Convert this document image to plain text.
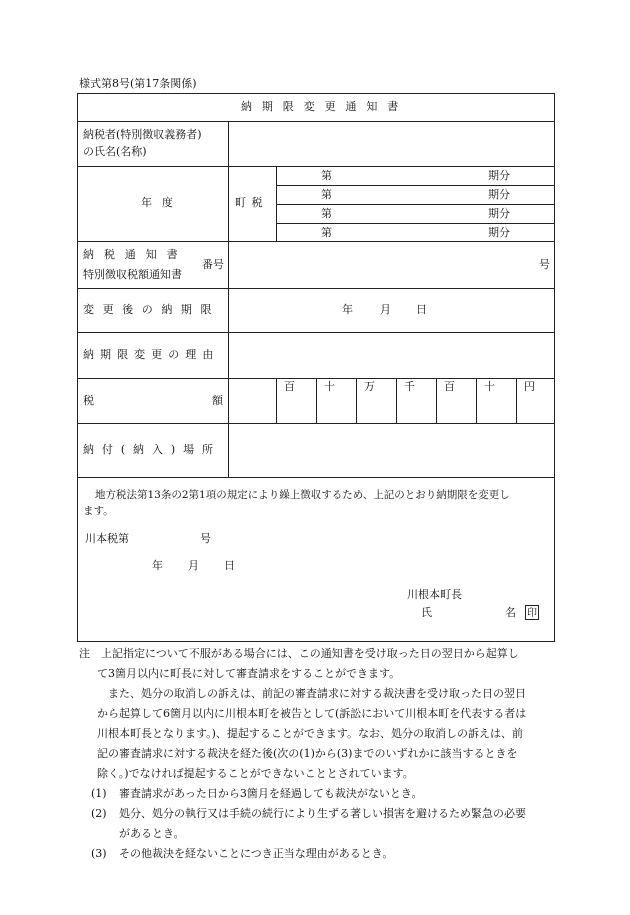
様式第8号(第17条関係)
納期限変更通知書
納税者(特別徴収義務者)
の氏名(名称)
年度	町税
第	期分
第	期分
第	期分
第	期分
納税通知書
特別徴収税額通知書
番号	号
変更後の納期限	年 月 日
納期限変更の理由
税	額
百	十	万	千	百	十	円
納付(納入)場所
地方税法第13条の2第1項の規定により繰上徴収するため、上記のとおり納期限を変更し
ます。
川本税第	号
年 月 日
川根本町長
氏	名 印

注　上記指定について不服がある場合には、この通知書を受け取った日の翌日から起算し

て3箇月以内に町長に対して審査請求をすることができます。

また、処分の取消しの訴えは、前記の審査請求に対する裁決書を受け取った日の翌日

から起算して6箇月以内に川根本町を被告として(訴訟において川根本町を代表する者は

川根本町長となります。)、提起することができます。なお、処分の取消しの訴えは、前

記の審査請求に対する裁決を経た後(次の(1)から(3)までのいずれかに該当するときを

除く。)でなければ提起することができないこととされています。

(1) 審査請求があった日から3箇月を経過しても裁決がないとき。

(2) 処分、処分の執行又は手続の続行により生ずる著しい損害を避けるため緊急の必要

があるとき。

(3) その他裁決を経ないことにつき正当な理由があるとき。
